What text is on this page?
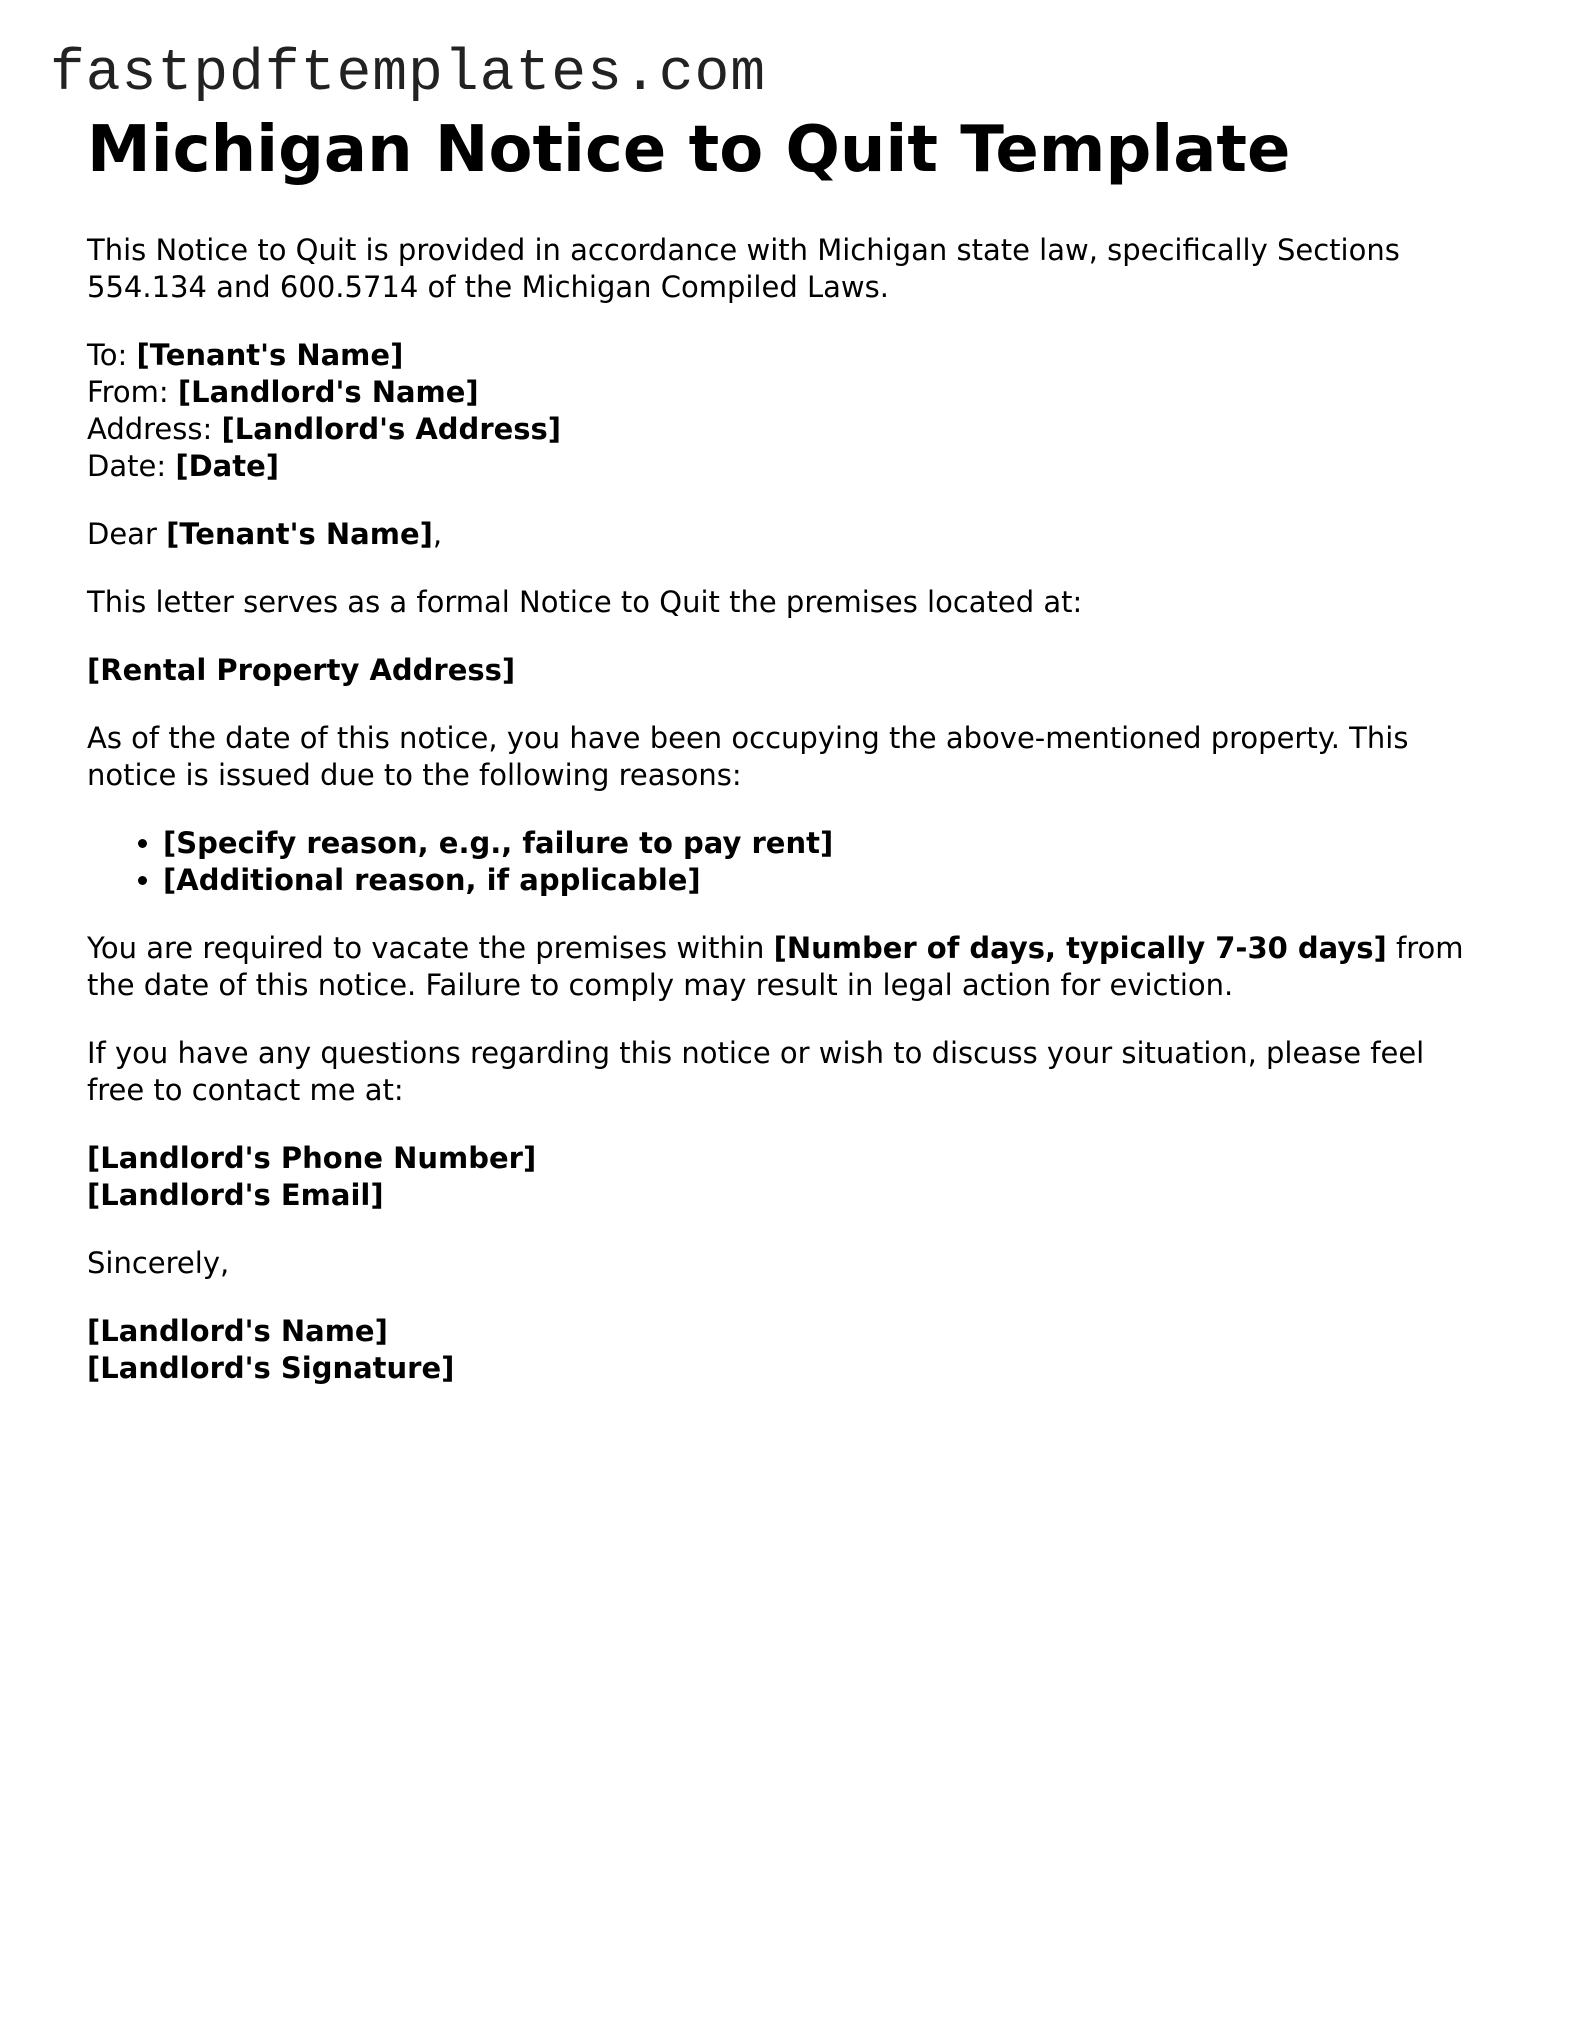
fastpdftemplates.com
Michigan Notice to Quit Template

This Notice to Quit is provided in accordance with Michigan state law, specifically Sections 554.134 and 600.5714 of the Michigan Compiled Laws.

To: [Tenant's Name]
From: [Landlord's Name]
Address: [Landlord's Address]
Date: [Date]

Dear [Tenant's Name],

This letter serves as a formal Notice to Quit the premises located at:

[Rental Property Address]

As of the date of this notice, you have been occupying the above-mentioned property. This notice is issued due to the following reasons:

• [Specify reason, e.g., failure to pay rent]
• [Additional reason, if applicable]

You are required to vacate the premises within [Number of days, typically 7-30 days] from the date of this notice. Failure to comply may result in legal action for eviction.

If you have any questions regarding this notice or wish to discuss your situation, please feel free to contact me at:

[Landlord's Phone Number]
[Landlord's Email]

Sincerely,

[Landlord's Name]
[Landlord's Signature]
